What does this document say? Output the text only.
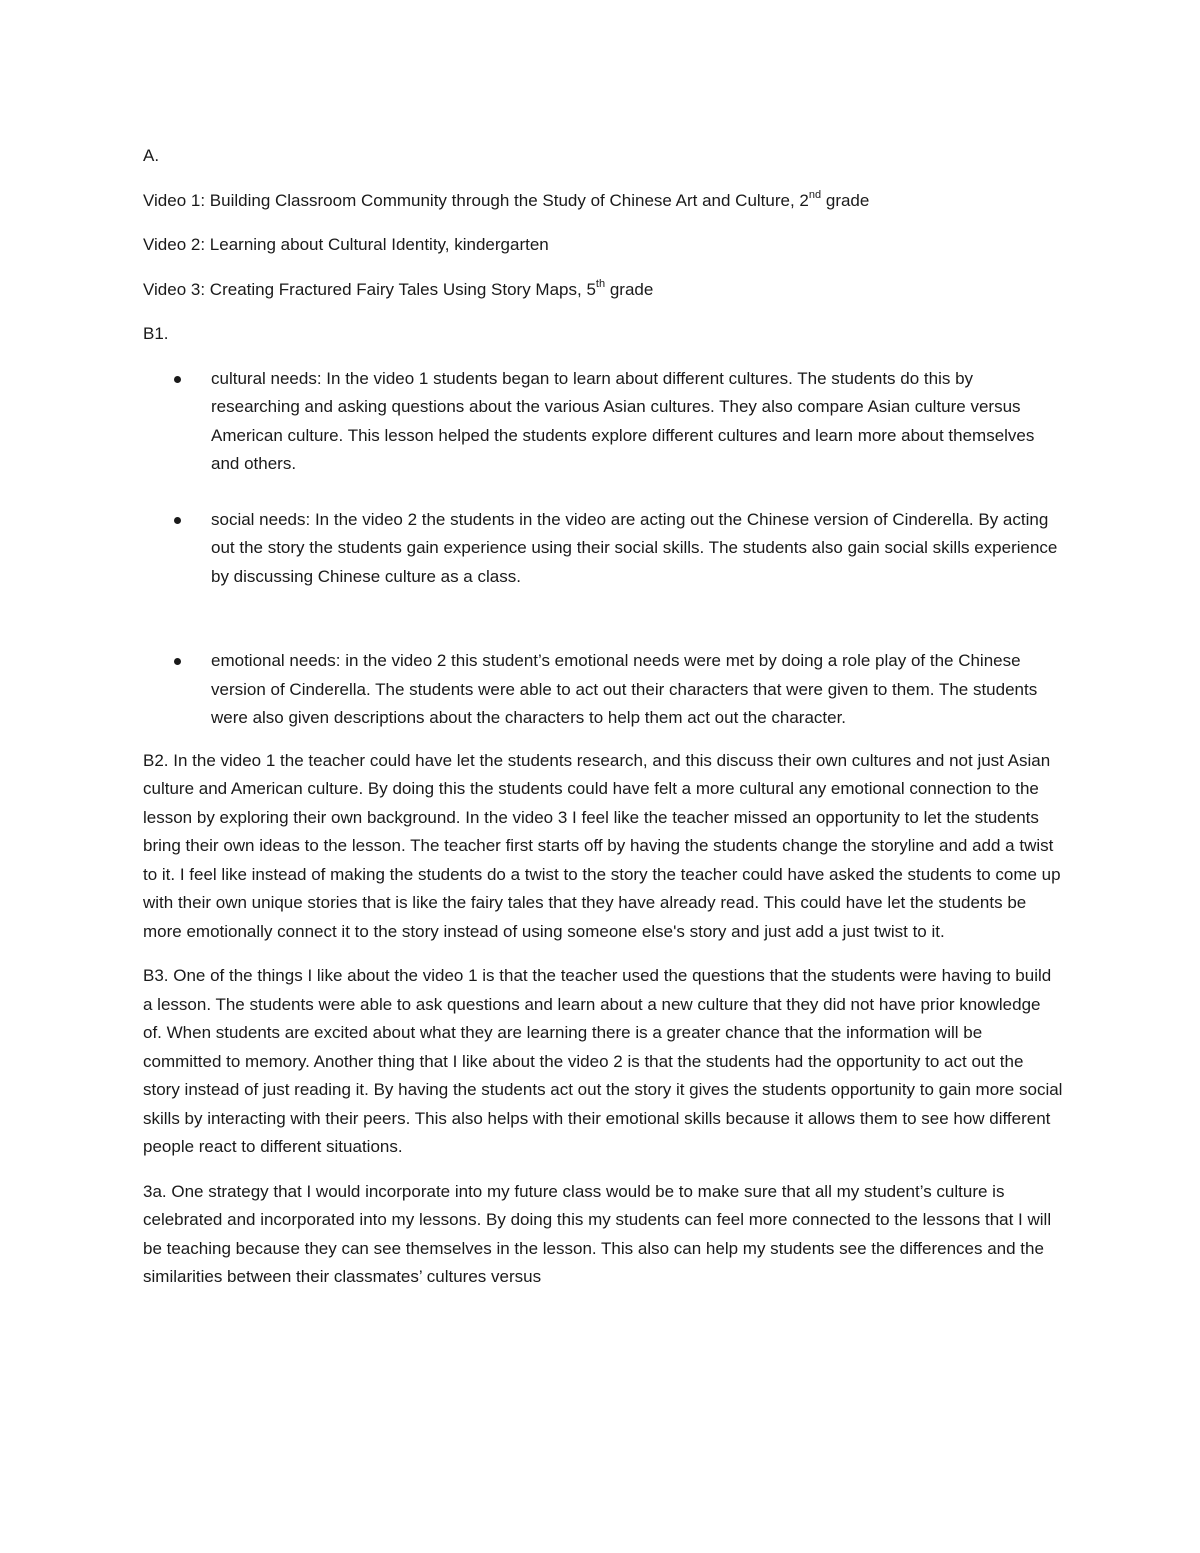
A.

Video 1: Building Classroom Community through the Study of Chinese Art and Culture, 2nd grade

Video 2: Learning about Cultural Identity, kindergarten

Video 3: Creating Fractured Fairy Tales Using Story Maps, 5th grade

B1.

cultural needs: In the video 1 students began to learn about different cultures. The students do this by researching and asking questions about the various Asian cultures. They also compare Asian culture versus American culture. This lesson helped the students explore different cultures and learn more about themselves and others.
social needs: In the video 2 the students in the video are acting out the Chinese version of Cinderella. By acting out the story the students gain experience using their social skills. The students also gain social skills experience by discussing Chinese culture as a class.
emotional needs: in the video 2 this student’s emotional needs were met by doing a role play of the Chinese version of Cinderella. The students were able to act out their characters that were given to them. The students were also given descriptions about the characters to help them act out the character.

B2. In the video 1 the teacher could have let the students research, and this discuss their own cultures and not just Asian culture and American culture. By doing this the students could have felt a more cultural any emotional connection to the lesson by exploring their own background. In the video 3 I feel like the teacher missed an opportunity to let the students bring their own ideas to the lesson. The teacher first starts off by having the students change the storyline and add a twist to it. I feel like instead of making the students do a twist to the story the teacher could have asked the students to come up with their own unique stories that is like the fairy tales that they have already read. This could have let the students be more emotionally connect it to the story instead of using someone else's story and just add a just twist to it.

B3. One of the things I like about the video 1 is that the teacher used the questions that the students were having to build a lesson. The students were able to ask questions and learn about a new culture that they did not have prior knowledge of. When students are excited about what they are learning there is a greater chance that the information will be committed to memory. Another thing that I like about the video 2 is that the students had the opportunity to act out the story instead of just reading it. By having the students act out the story it gives the students opportunity to gain more social skills by interacting with their peers. This also helps with their emotional skills because it allows them to see how different people react to different situations.

3a. One strategy that I would incorporate into my future class would be to make sure that all my student’s culture is celebrated and incorporated into my lessons. By doing this my students can feel more connected to the lessons that I will be teaching because they can see themselves in the lesson. This also can help my students see the differences and the similarities between their classmates’ cultures versus
